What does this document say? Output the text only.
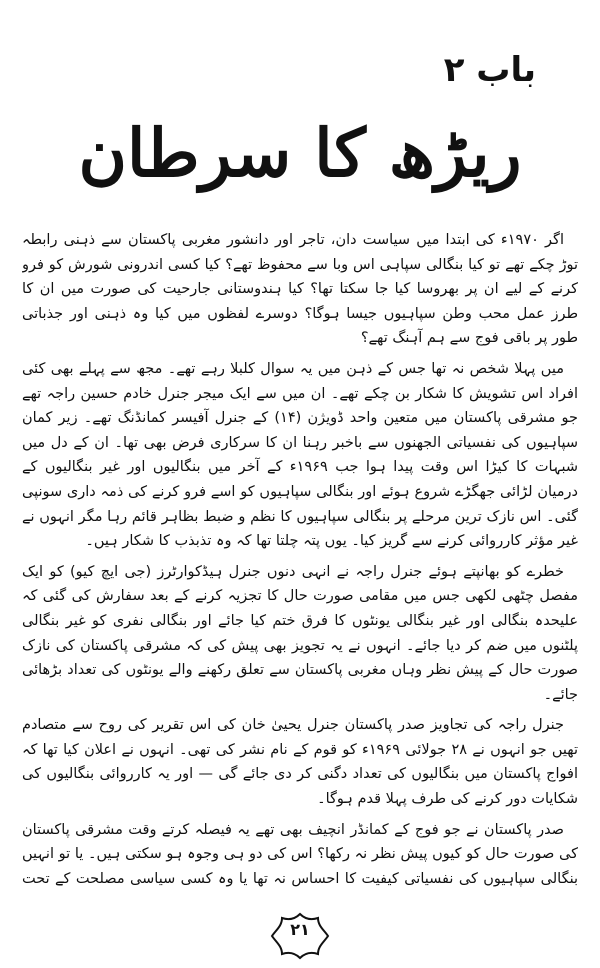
باب ۲
ریڑھ کا سرطان

اگر ۱۹۷۰ء کی ابتدا میں سیاست دان، تاجر اور دانشور مغربی پاکستان سے ذہنی رابطہ توڑ چکے تھے تو کیا بنگالی سپاہی اس وبا سے محفوظ تھے؟ کیا کسی اندرونی شورش کو فرو کرنے کے لیے ان پر بھروسا کیا جا سکتا تھا؟ کیا ہندوستانی جارحیت کی صورت میں ان کا طرز عمل محب وطن سپاہیوں جیسا ہوگا؟ دوسرے لفظوں میں کیا وہ ذہنی اور جذباتی طور پر باقی فوج سے ہم آہنگ تھے؟

میں پہلا شخص نہ تھا جس کے ذہن میں یہ سوال کلبلا رہے تھے۔ مجھ سے پہلے بھی کئی افراد اس تشویش کا شکار بن چکے تھے۔ ان میں سے ایک میجر جنرل خادم حسین راجہ تھے جو مشرقی پاکستان میں متعین واحد ڈویژن (۱۴) کے جنرل آفیسر کمانڈنگ تھے۔ زیر کمان سپاہیوں کی نفسیاتی الجھنوں سے باخبر رہنا ان کا سرکاری فرض بھی تھا۔ ان کے دل میں شبہات کا کیڑا اس وقت پیدا ہوا جب ۱۹۶۹ء کے آخر میں بنگالیوں اور غیر بنگالیوں کے درمیان لڑائی جھگڑے شروع ہوئے اور بنگالی سپاہیوں کو اسے فرو کرنے کی ذمہ داری سونپی گئی۔ اس نازک ترین مرحلے پر بنگالی سپاہیوں کا نظم و ضبط بظاہر قائم رہا مگر انہوں نے غیر مؤثر کارروائی کرنے سے گریز کیا۔ یوں پتہ چلتا تھا کہ وہ تذبذب کا شکار ہیں۔

خطرے کو بھانپتے ہوئے جنرل راجہ نے انہی دنوں جنرل ہیڈکوارٹرز (جی ایچ کیو) کو ایک مفصل چٹھی لکھی جس میں مقامی صورت حال کا تجزیہ کرنے کے بعد سفارش کی گئی کہ علیحدہ بنگالی اور غیر بنگالی یونٹوں کا فرق ختم کیا جائے اور بنگالی نفری کو غیر بنگالی پلٹنوں میں ضم کر دیا جائے۔ انہوں نے یہ تجویز بھی پیش کی کہ مشرقی پاکستان کی نازک صورت حال کے پیش نظر وہاں مغربی پاکستان سے تعلق رکھنے والے یونٹوں کی تعداد بڑھائی جائے۔

جنرل راجہ کی تجاویز صدر پاکستان جنرل یحییٰ خان کی اس تقریر کی روح سے متصادم تھیں جو انہوں نے ۲۸ جولائی ۱۹۶۹ء کو قوم کے نام نشر کی تھی۔ انہوں نے اعلان کیا تھا کہ افواج پاکستان میں بنگالیوں کی تعداد دگنی کر دی جائے گی — اور یہ کارروائی بنگالیوں کی شکایات دور کرنے کی طرف پہلا قدم ہوگا۔

صدر پاکستان نے جو فوج کے کمانڈر انچیف بھی تھے یہ فیصلہ کرتے وقت مشرقی پاکستان کی صورت حال کو کیوں پیش نظر نہ رکھا؟ اس کی دو ہی وجوہ ہو سکتی ہیں۔ یا تو انہیں بنگالی سپاہیوں کی نفسیاتی کیفیت کا احساس نہ تھا یا وہ کسی سیاسی مصلحت کے تحت

۲۱
